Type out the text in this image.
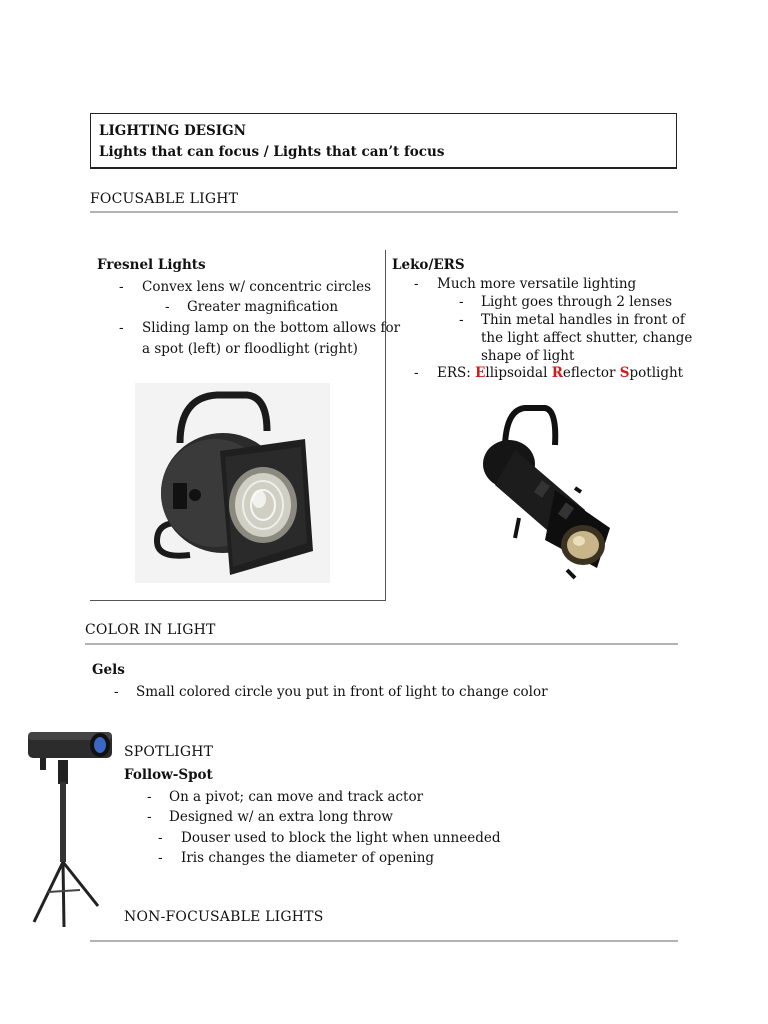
LIGHTING DESIGN
Lights that can focus / Lights that can’t focus
FOCUSABLE LIGHT
Fresnel Lights
- Convex lens w/ concentric circles
- Greater magnification
- Sliding lamp on the bottom allows for
a spot (left) or floodlight (right)
Leko/ERS
- Much more versatile lighting
- Light goes through 2 lenses
- Thin metal handles in front of
the light affect shutter, change
shape of light
- ERS: Ellipsoidal Reflector Spotlight
COLOR IN LIGHT
Gels
- Small colored circle you put in front of light to change color
SPOTLIGHT
Follow-Spot
- On a pivot; can move and track actor
- Designed w/ an extra long throw
- Douser used to block the light when unneeded
- Iris changes the diameter of opening
NON-FOCUSABLE LIGHTS
